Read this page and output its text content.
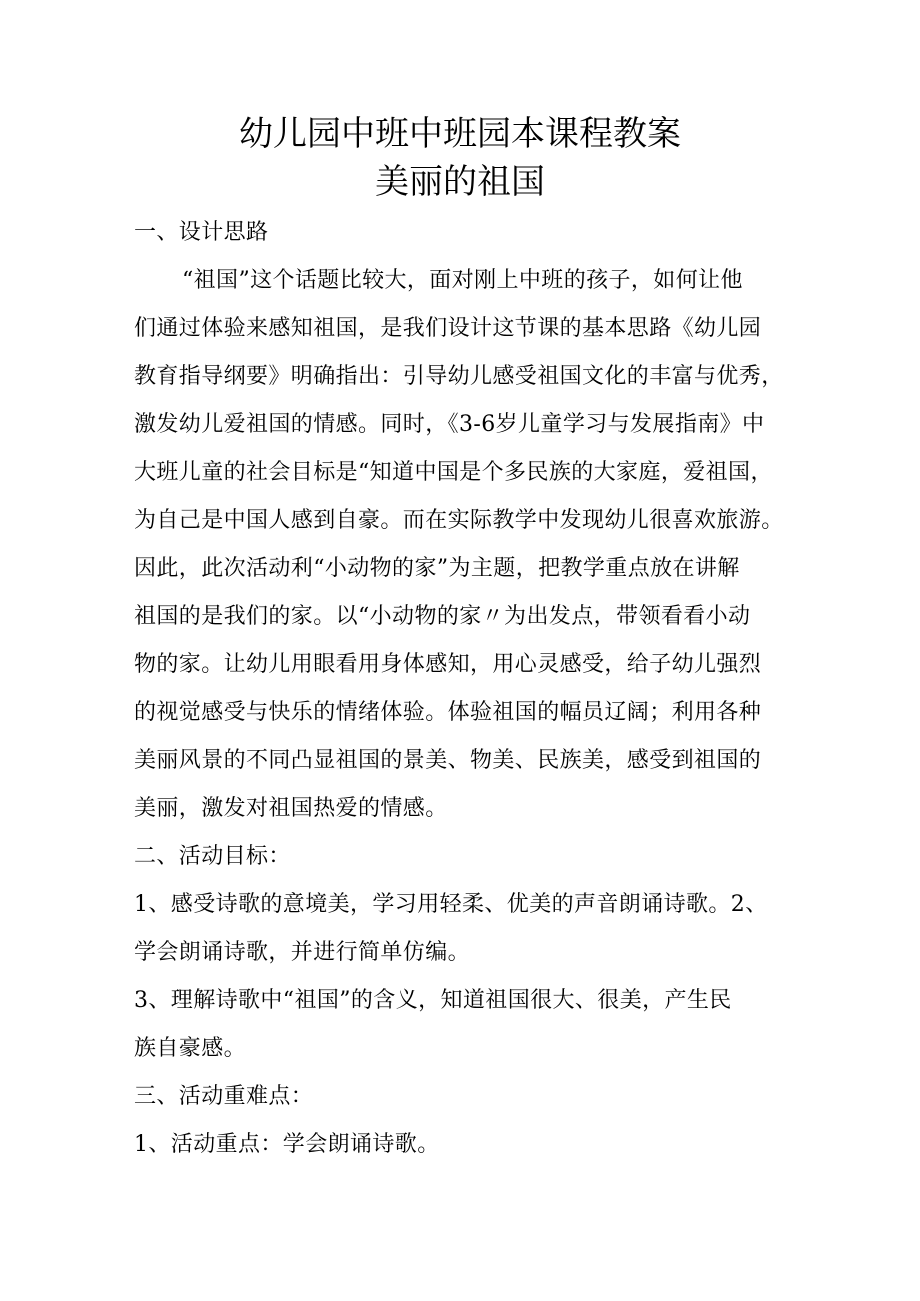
幼儿园中班中班园本课程教案
美丽的祖国
一、设计思路
“祖国”这个话题比较大，面对刚上中班的孩子，如何让他
们通过体验来感知祖国，是我们设计这节课的基本思路《幼儿园
教育指导纲要》明确指出：引导幼儿感受祖国文化的丰富与优秀，
激发幼儿爱祖国的情感。同时，《3-6岁儿童学习与发展指南》中
大班儿童的社会目标是“知道中国是个多民族的大家庭，爱祖国，
为自己是中国人感到自豪。而在实际教学中发现幼儿很喜欢旅游。
因此，此次活动利“小动物的家”为主题，把教学重点放在讲解
祖国的是我们的家。以“小动物的家〃为出发点，带领看看小动
物的家。让幼儿用眼看用身体感知，用心灵感受，给子幼儿强烈
的视觉感受与快乐的情绪体验。体验祖国的幅员辽阔；利用各种
美丽风景的不同凸显祖国的景美、物美、民族美，感受到祖国的
美丽，激发对祖国热爱的情感。
二、活动目标：
1、感受诗歌的意境美，学习用轻柔、优美的声音朗诵诗歌。2、
学会朗诵诗歌，并进行简单仿编。
3、理解诗歌中“祖国”的含义，知道祖国很大、很美，产生民
族自豪感。
三、活动重难点：
1、活动重点：学会朗诵诗歌。
